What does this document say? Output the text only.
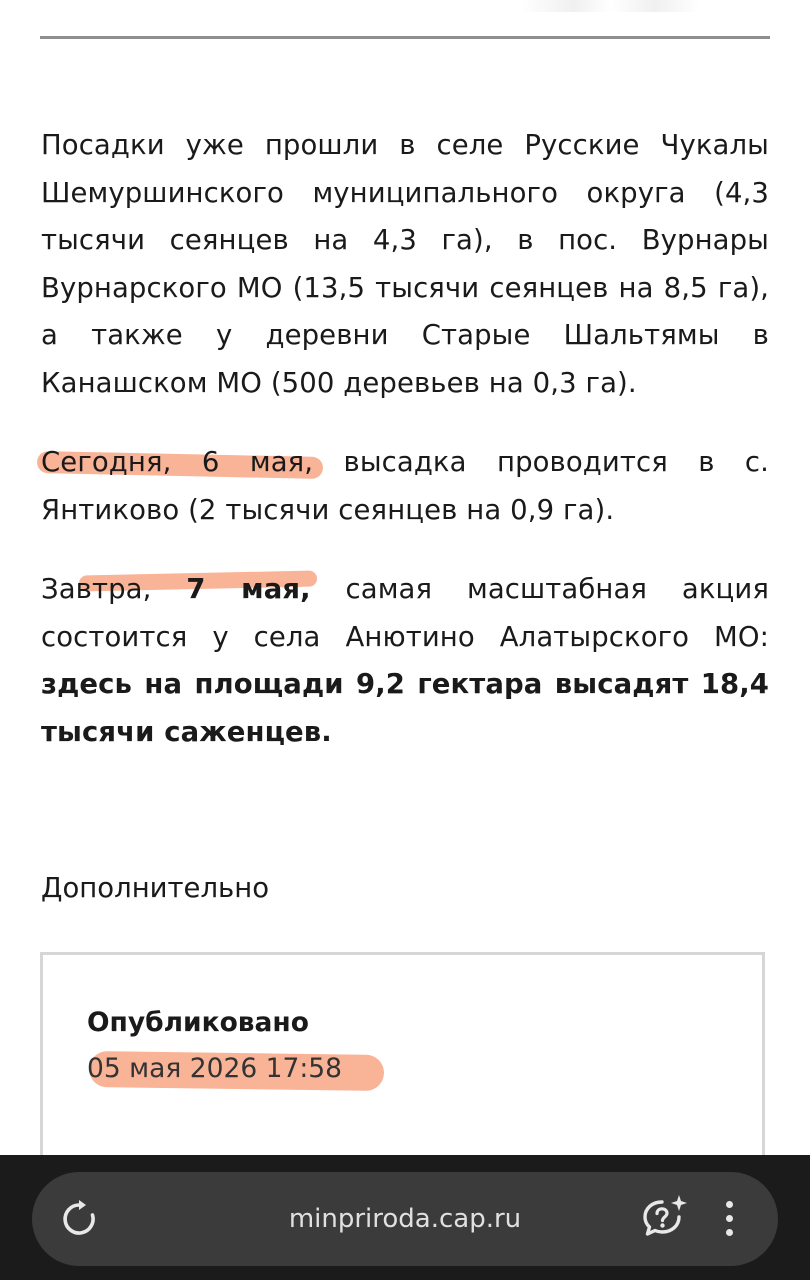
Посадки уже прошли в селе Русские Чукалы Шемуршинского муниципального округа (4,3 тысячи сеянцев на 4,3 га), в пос. Вурнары Вурнарского МО (13,5 тысячи сеянцев на 8,5 га), а также у деревни Старые Шальтямы в Канашском МО (500 деревьев на 0,3 га).

Сегодня, 6 мая, высадка проводится в с. Янтиково (2 тысячи сеянцев на 0,9 га).

Завтра, 7 мая, самая масштабная акция состоится у села Анютино Алатырского МО: здесь на площади 9,2 гектара высадят 18,4 тысячи саженцев.

Дополнительно
Опубликовано
05 мая 2026 17:58
minpriroda.cap.ru
